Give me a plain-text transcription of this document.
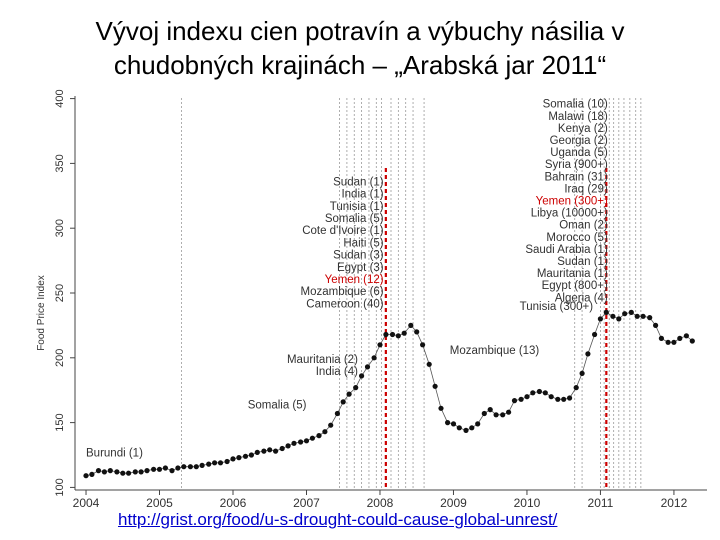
Vývoj indexu cien potravín a výbuchy násilia v
chudobných krajinách – „Arabská jar 2011“
100
150
200
250
300
350
400
Food Price Index
2004	2005	2006	2007	2008	2009	2010	2011	2012
Burundi (1)
Somalia (5)
Mauritania (2)
India (4)
Sudan (1)
India (1)
Tunisia (1)
Somalia (5)
Cote d'Ivoire (1)
Haiti (5)
Sudan (3)
Egypt (3)
Yemen (12)
Mozambique (6)
Cameroon (40)
Mozambique (13)
Somalia (10)
Malawi (18)
Kenya (2)
Georgia (2)
Uganda (5)
Syria (900+)
Bahrain (31)
Iraq (29)
Yemen (300+)
Libya (10000+)
Oman (2)
Morocco (5)
Saudi Arabia (1)
Sudan (1)
Mauritania (1)
Egypt (800+)
Algeria (4)
Tunisia (300+)
http://grist.org/food/u-s-drought-could-cause-global-unrest/
